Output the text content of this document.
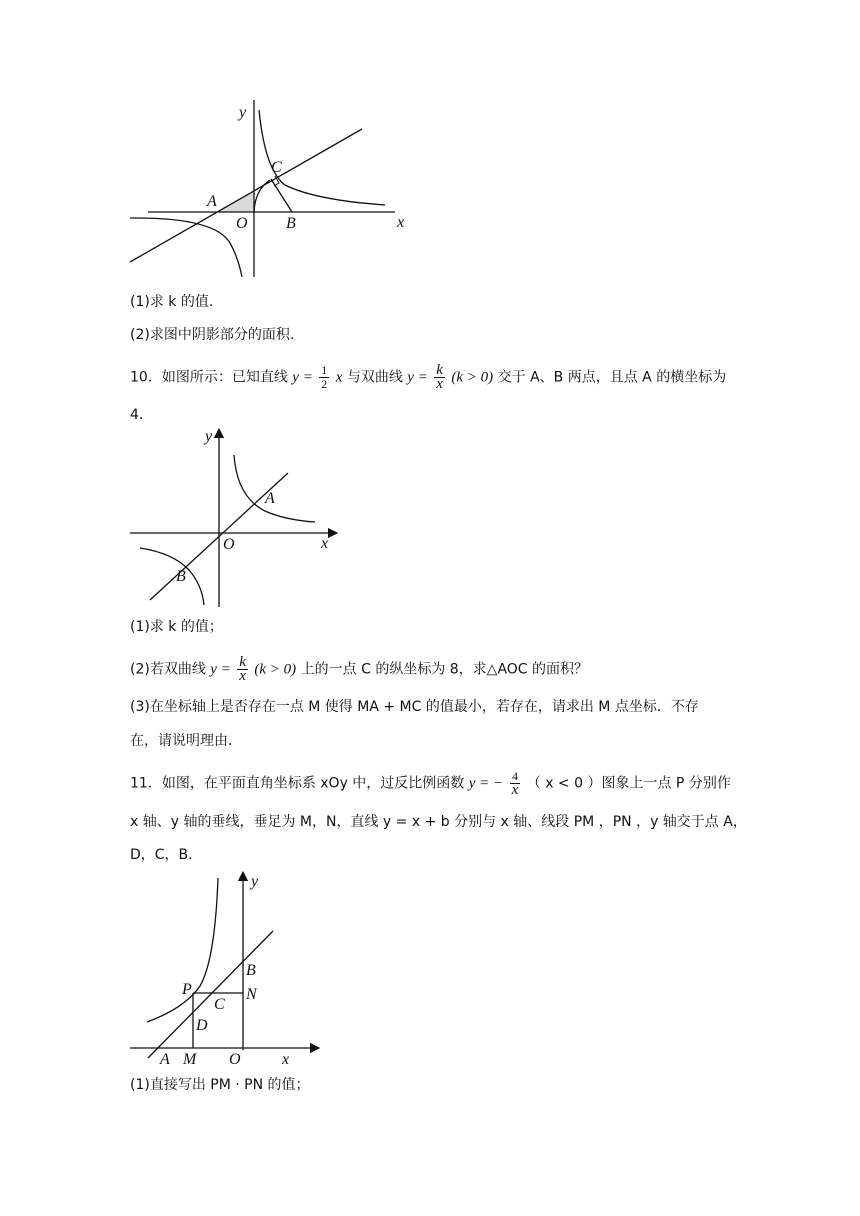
y
x
A
O B
C
(1)求 k 的值.
(2)求图中阴影部分的面积.
10．如图所示：已知直线 $y = \frac{1}{2}$ x 与双曲线 $y = \frac{k}{x} (k > 0)$ 交于 A、B 两点，且点 A 的横坐标为
4．
y
x
O
A
B
(1)求 k 的值；
(2)若双曲线 $y = \frac{k}{x} (k > 0)$ 上的一点 C 的纵坐标为 8，求△AOC 的面积？
(3)在坐标轴上是否存在一点 M 使得 MA + MC 的值最小，若存在，请求出 M 点坐标．不存
在，请说明理由．
11．如图，在平面直角坐标系 xOy 中，过反比例函数 y = − $\frac{4}{x}$ （ x < 0 ）图象上一点 P 分别作
x 轴、y 轴的垂线，垂足为 M，N，直线 y = x + b 分别与 x 轴、线段 PM ，PN ，y 轴交于点 A，
D，C，B．
y
x
O
A M
P	N
B
C
D
(1)直接写出 PM · PN 的值；
